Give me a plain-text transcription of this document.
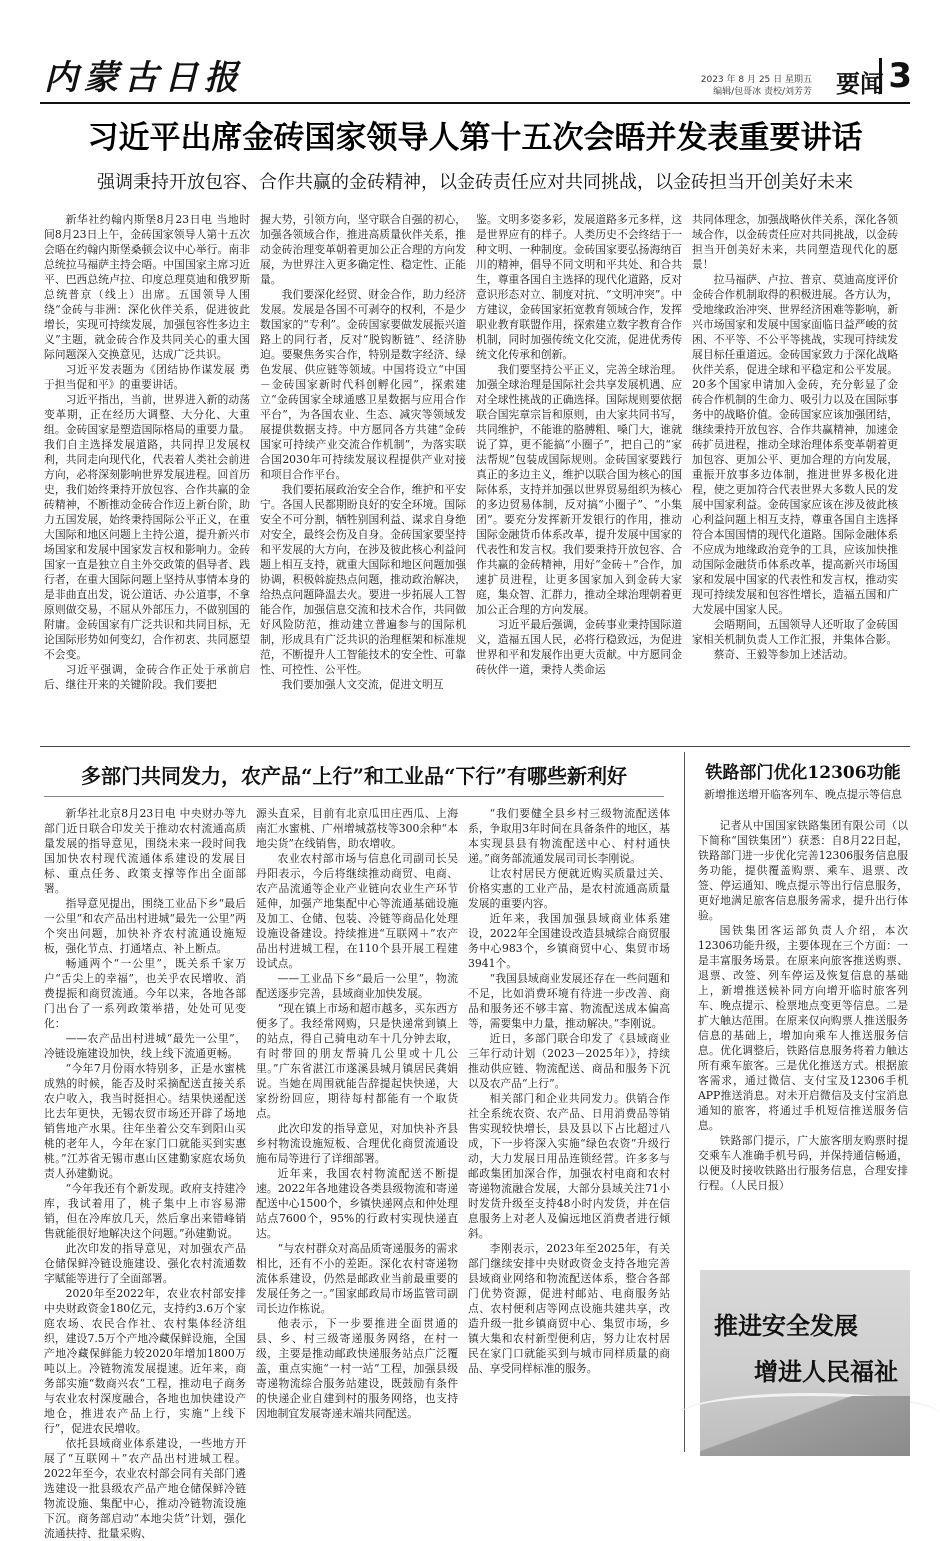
内蒙古日报	2023 年 8 月 25 日 星期五
编辑/包哥冰 责校/刘芳芳 要闻 3
习近平出席金砖国家领导人第十五次会晤并发表重要讲话
强调秉持开放包容、合作共赢的金砖精神，以金砖责任应对共同挑战，以金砖担当开创美好未来

新华社约翰内斯堡8月23日电 当地时间8月23日上午，金砖国家领导人第十五次会晤在约翰内斯堡桑顿会议中心举行。南非总统拉马福萨主持会晤。中国国家主席习近平、巴西总统卢拉、印度总理莫迪和俄罗斯总统普京（线上）出席。五国领导人围绕“金砖与非洲：深化伙伴关系，促进彼此增长，实现可持续发展，加强包容性多边主义”主题，就金砖合作及共同关心的重大国际问题深入交换意见，达成广泛共识。

习近平发表题为《团结协作谋发展 勇于担当促和平》的重要讲话。

习近平指出，当前，世界进入新的动荡变革期，正在经历大调整、大分化、大重组。金砖国家是塑造国际格局的重要力量。我们自主选择发展道路，共同捍卫发展权利，共同走向现代化，代表着人类社会前进方向，必将深刻影响世界发展进程。回首历史，我们始终秉持开放包容、合作共赢的金砖精神，不断推动金砖合作迈上新台阶，助力五国发展，始终秉持国际公平正义，在重大国际和地区问题上主持公道，提升新兴市场国家和发展中国家发言权和影响力。金砖国家一直是独立自主外交政策的倡导者、践行者，在重大国际问题上坚持从事情本身的是非曲直出发，说公道话、办公道事，不拿原则做交易，不屈从外部压力，不做别国的附庸。金砖国家有广泛共识和共同目标，无论国际形势如何变幻，合作初衷、共同愿望不会变。

习近平强调，金砖合作正处于承前启后、继往开来的关键阶段。我们要把

握大势，引领方向，坚守联合自强的初心，加强各领域合作，推进高质量伙伴关系，推动金砖治理变革朝着更加公正合理的方向发展，为世界注入更多确定性、稳定性、正能量。

我们要深化经贸、财金合作，助力经济发展。发展是各国不可剥夺的权利，不是少数国家的“专利”。金砖国家要做发展振兴道路上的同行者，反对“脱钩断链”、经济胁迫。要聚焦务实合作，特别是数字经济、绿色发展、供应链等领域。中国将设立“中国－金砖国家新时代科创孵化园”，探索建立“金砖国家全球通感卫星数据与应用合作平台”，为各国农业、生态、减灾等领域发展提供数据支持。中方愿同各方共建“金砖国家可持续产业交流合作机制”，为落实联合国2030年可持续发展议程提供产业对接和项目合作平台。

我们要拓展政治安全合作，维护和平安宁。各国人民都期盼良好的安全环境。国际安全不可分割，牺牲别国利益、谋求自身绝对安全，最终会伤及自身。金砖国家要坚持和平发展的大方向，在涉及彼此核心利益问题上相互支持，就重大国际和地区问题加强协调，积极斡旋热点问题，推动政治解决，给热点问题降温去火。要进一步拓展人工智能合作，加强信息交流和技术合作，共同做好风险防范，推动建立普遍参与的国际机制，形成具有广泛共识的治理框架和标准规范，不断提升人工智能技术的安全性、可靠性、可控性、公平性。

我们要加强人文交流，促进文明互

鉴。文明多姿多彩，发展道路多元多样，这是世界应有的样子。人类历史不会终结于一种文明、一种制度。金砖国家要弘扬海纳百川的精神，倡导不同文明和平共处、和合共生，尊重各国自主选择的现代化道路，反对意识形态对立、制度对抗、“文明冲突”。中方建议，金砖国家拓宽教育领域合作，发挥职业教育联盟作用，探索建立数字教育合作机制，同时加强传统文化交流，促进优秀传统文化传承和创新。

我们要坚持公平正义，完善全球治理。加强全球治理是国际社会共享发展机遇、应对全球性挑战的正确选择。国际规则要依据联合国宪章宗旨和原则，由大家共同书写，共同维护，不能谁的胳膊粗、嗓门大，谁就说了算，更不能搞“小圈子”，把自己的“家法帮规”包装成国际规则。金砖国家要践行真正的多边主义，维护以联合国为核心的国际体系，支持并加强以世界贸易组织为核心的多边贸易体制，反对搞“小圈子”、“小集团”。要充分发挥新开发银行的作用，推动国际金融货币体系改革，提升发展中国家的代表性和发言权。我们要秉持开放包容、合作共赢的金砖精神，用好“金砖＋”合作，加速扩员进程，让更多国家加入到金砖大家庭，集众智、汇群力，推动全球治理朝着更加公正合理的方向发展。

习近平最后强调，金砖事业秉持国际道义，造福五国人民，必将行稳致远，为促进世界和平和发展作出更大贡献。中方愿同金砖伙伴一道，秉持人类命运

共同体理念，加强战略伙伴关系，深化各领域合作，以金砖责任应对共同挑战，以金砖担当开创美好未来，共同塑造现代化的愿景！

拉马福萨、卢拉、普京、莫迪高度评价金砖合作机制取得的积极进展。各方认为，受地缘政治冲突、世界经济困难等影响，新兴市场国家和发展中国家面临日益严峻的贫困、不平等、不公平等挑战，实现可持续发展目标任重道远。金砖国家致力于深化战略伙伴关系，促进全球和平稳定和公平发展。20多个国家申请加入金砖，充分彰显了金砖合作机制的生命力、吸引力以及在国际事务中的战略价值。金砖国家应该加强团结，继续秉持开放包容、合作共赢精神，加速金砖扩员进程，推动全球治理体系变革朝着更加包容、更加公平、更加合理的方向发展，重振开放事多边体制，推进世界多极化进程，使之更加符合代表世界大多数人民的发展中国家利益。金砖国家应该在涉及彼此核心利益问题上相互支持，尊重各国自主选择符合本国国情的现代化道路。国际金融体系不应成为地缘政治竞争的工具，应该加快推动国际金融货币体系改革，提高新兴市场国家和发展中国家的代表性和发言权，推动实现可持续发展和包容性增长，造福五国和广大发展中国家人民。

会晤期间，五国领导人还听取了金砖国家相关机制负责人工作汇报，并集体合影。

蔡奇、王毅等参加上述活动。

多部门共同发力，农产品“上行”和工业品“下行”有哪些新利好

新华社北京8月23日电 中央财办等九部门近日联合印发关于推动农村流通高质量发展的指导意见，围绕未来一段时间我国加快农村现代流通体系建设的发展目标、重点任务、政策支撑等作出全面部署。

指导意见提出，围绕工业品下乡“最后一公里”和农产品出村进城“最先一公里”两个突出问题，加快补齐农村流通设施短板，强化节点、打通堵点、补上断点。

畅通两个“一公里”，既关系千家万户“舌尖上的幸福”，也关乎农民增收、消费提振和商贸流通。今年以来，各地各部门出台了一系列政策举措，处处可见变化：

——农产品出村进城“最先一公里”，冷链设施建设加快，线上线下流通更畅。

“今年7月份雨水特别多，正是水蜜桃成熟的时候，能否及时采摘配送直接关系农户收入，我当时挺担心。结果快递配送比去年更快，无锡农贸市场还开辟了场地销售地产水果。往年坐着公交车到阳山买桃的老年人，今年在家门口就能买到实惠桃。”江苏省无锡市惠山区建勤家庭农场负责人孙建勤说。

“今年我还有个新发现。政府支持建冷库，我试着用了，桃子集中上市容易滞销，但在冷库放几天，然后拿出来错峰销售就能很好地解决这个问题。”孙建勤说。

此次印发的指导意见，对加强农产品仓储保鲜冷链设施建设、强化农村流通数字赋能等进行了全面部署。

2020年至2022年，农业农村部安排中央财政资金180亿元，支持约3.6万个家庭农场、农民合作社、农村集体经济组织，建设7.5万个产地冷藏保鲜设施，全国产地冷藏保鲜能力较2020年增加1800万吨以上。冷链物流发展提速。近年来，商务部实施“数商兴农”工程，推动电子商务与农业农村深度融合，各地也加快建设产地仓，推进农产品上行，实施“上线下行”，促进农民增收。

依托县域商业体系建设，一些地方开展了“互联网＋”农产品出村进城工程。2022年至今，农业农村部会同有关部门遴选建设一批县级农产品产地仓储保鲜冷链物流设施、集配中心，推动冷链物流设施下沉。商务部启动“本地尖货”计划，强化流通扶持、批量采购、

源头直采，目前有北京瓜田庄西瓜、上海南汇水蜜桃、广州增城荔枝等300余种“本地尖货”在线销售，助农增收。

农业农村部市场与信息化司副司长吴丹阳表示，今后将继续推动商贸、电商、农产品流通等企业产业链向农业生产环节延伸，加强产地集配中心等流通基础设施及加工、仓储、包装、冷链等商品化处理设施设备建设。持续推进“互联网＋”农产品出村进城工程，在110个县开展工程建设试点。

——工业品下乡“最后一公里”，物流配送逐步完善，县域商业加快发展。

“现在镇上市场和超市越多，买东西方便多了。我经常网购，只是快递常到镇上的站点，得自己骑电动车十几分钟去取，有时带回的朋友帮骑几公里或十几公里。”广东省湛江市遂溪县城月镇居民龚娟说。当她在周围就能告辞提起快快递，大家纷纷回应，期待每村都能有一个取货点。

此次印发的指导意见，对加快补齐县乡村物流设施短板、合理优化商贸流通设施布局等进行了详细部署。

近年来，我国农村物流配送不断提速。2022年各地建设各类县级物流和寄递配送中心1500个，乡镇快递网点和仲处理站点7600个，95%的行政村实现快递直达。

“与农村群众对高品质寄递服务的需求相比，还有不小的差距。深化农村寄递物流体系建设，仍然是邮政业当前最重要的发展任务之一。”国家邮政局市场监管司副司长边作栋说。

他表示，下一步要推进全面贯通的县、乡、村三级寄递服务网络，在村一级，主要是推动邮政快递服务站点广泛覆盖，重点实施“一村一站”工程，加强县级寄递物流综合服务站建设，既鼓励有条件的快递企业自建到村的服务网络，也支持因地制宜发展寄递末端共同配送。

“我们要健全县乡村三级物流配送体系，争取用3年时间在具备条件的地区，基本实现县县有物流配送中心、村村通快递。”商务部流通发展司司长李刚说。

让农村居民方便就近购买质量过关、价格实惠的工业产品，是农村流通高质量发展的重要内容。

近年来，我国加强县域商业体系建设，2022年全国建设改造县城综合商贸服务中心983个，乡镇商贸中心、集贸市场3941个。

“我国县域商业发展还存在一些问题和不足，比如消费环境有待进一步改善、商品和服务还不够丰富、物流配送成本偏高等，需要集中力量，推动解决。”李刚说。

近日，多部门联合印发了《县域商业三年行动计划（2023－2025年）》，持续推动供应链、物流配送、商品和服务下沉以及农产品“上行”。

相关部门和企业共同发力。供销合作社全系统农资、农产品、日用消费品等销售实现较快增长，县及县以下占比超过八成，下一步将深入实施“绿色农资”升级行动，大力发展日用品连锁经营。许多多与邮政集团加深合作，加强农村电商和农村寄递物流融合发展，大部分县域关注71小时发货升级至支持48小时内发货，并在信息服务上对老人及偏远地区消费者进行倾斜。

李刚表示，2023年至2025年，有关部门继续安排中央财政资金支持各地完善县域商业网络和物流配送体系，整合各部门优势资源，促进村邮站、电商服务站点、农村便利店等网点设施共建共享，改造升级一批乡镇商贸中心、集贸市场，乡镇大集和农村新型便利店，努力让农村居民在家门口就能买到与城市同样质量的商品、享受同样标准的服务。

铁路部门优化12306功能
新增推送增开临客列车、晚点提示等信息

记者从中国国家铁路集团有限公司（以下简称“国铁集团”）获悉：自8月22日起，铁路部门进一步优化完善12306服务信息服务功能，提供覆盖购票、乘车、退票、改签、停运通知、晚点提示等出行信息服务，更好地满足旅客信息服务需求，提升出行体验。

国铁集团客运部负责人介绍，本次12306功能升级，主要体现在三个方面：一是丰富服务场景。在原来向旅客推送购票、退票、改签、列车停运及恢复信息的基础上，新增推送候补同方向增开临时旅客列车、晚点提示、检票地点变更等信息。二是扩大触达范围。在原来仅向购票人推送服务信息的基础上，增加向乘车人推送服务信息。优化调整后，铁路信息服务将着力触达所有乘车旅客。三是优化推送方式。根据旅客需求，通过微信、支付宝及12306手机APP推送消息。对未开启微信及支付宝消息通知的旅客，将通过手机短信推送服务信息。

铁路部门提示，广大旅客朋友购票时提交乘车人准确手机号码，并保持通信畅通，以便及时接收铁路出行服务信息，合理安排行程。（人民日报）

推进安全发展
增进人民福祉
